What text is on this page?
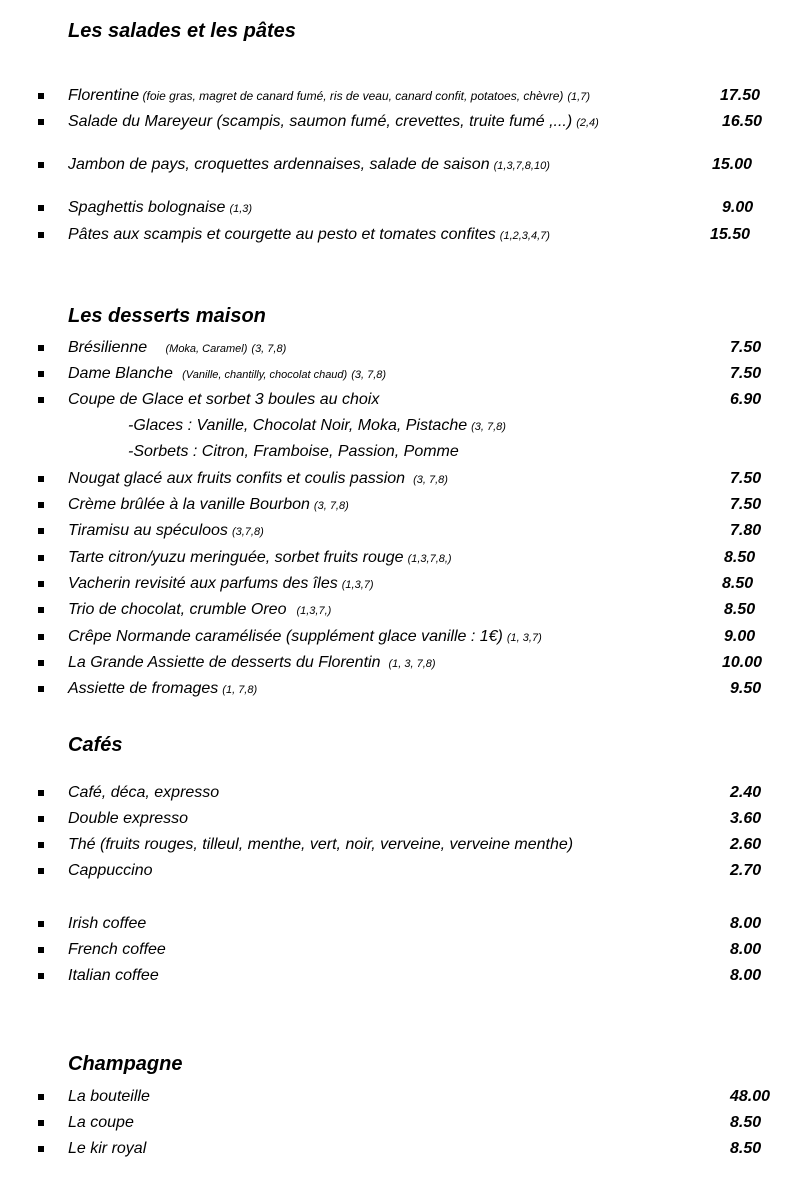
Les salades et les pâtes

Florentine (foie gras, magret de canard fumé, ris de veau, canard confit, potatoes, chèvre) (1,7)	17.50

Salade du Mareyeur (scampis, saumon fumé, crevettes, truite fumé ,...) (2,4)	16.50

Jambon de pays, croquettes ardennaises, salade de saison (1,3,7,8,10)	15.00

Spaghettis bolognaise (1,3)	9.00

Pâtes aux scampis et courgette au pesto et tomates confites (1,2,3,4,7)	15.50

Les desserts maison

Brésilienne      (Moka, Caramel) (3, 7,8)	7.50

Dame Blanche   (Vanille, chantilly, chocolat chaud) (3, 7,8)	7.50

Coupe de Glace et sorbet 3 boules au choix	6.90

-Glaces : Vanille, Chocolat Noir, Moka, Pistache (3, 7,8)

-Sorbets : Citron, Framboise, Passion, Pomme

Nougat glacé aux fruits confits et coulis passion (3, 7,8)	7.50

Crème brûlée à la vanille Bourbon (3, 7,8)	7.50

Tiramisu au spéculoos (3,7,8)	7.80

Tarte citron/yuzu meringuée, sorbet fruits rouge (1,3,7,8,)	8.50

Vacherin revisité aux parfums des îles (1,3,7)	8.50

Trio de chocolat, crumble Oreo (1,3,7,)	8.50

Crêpe Normande caramélisée (supplément glace vanille : 1€) (1, 3,7)	9.00

La Grande Assiette de desserts du Florentin (1, 3, 7,8)	10.00

Assiette de fromages (1, 7,8)	9.50

Cafés

Café, déca, expresso	2.40

Double expresso	3.60

Thé (fruits rouges, tilleul, menthe, vert, noir, verveine, verveine menthe)	2.60

Cappuccino	2.70

Irish coffee	8.00

French coffee	8.00

Italian coffee	8.00

Champagne

La bouteille	48.00

La coupe	8.50

Le kir royal	8.50
